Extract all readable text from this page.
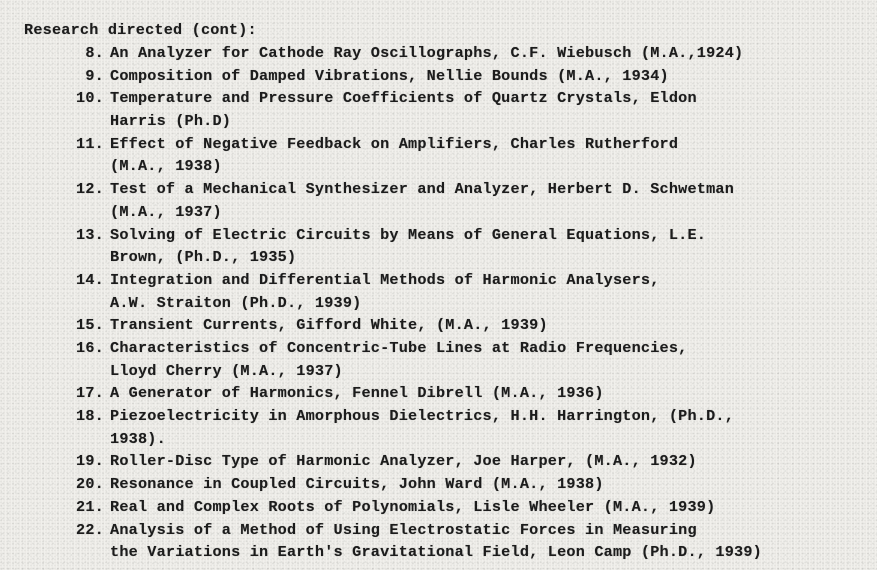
Research directed (cont):
8. An Analyzer for Cathode Ray Oscillographs, C.F. Wiebusch (M.A.,1924)
9. Composition of Damped Vibrations, Nellie Bounds (M.A., 1934)
10. Temperature and Pressure Coefficients of Quartz Crystals, Eldon
Harris (Ph.D)
11. Effect of Negative Feedback on Amplifiers, Charles Rutherford
(M.A., 1938)
12. Test of a Mechanical Synthesizer and Analyzer, Herbert D. Schwetman
(M.A., 1937)
13. Solving of Electric Circuits by Means of General Equations, L.E.
Brown, (Ph.D., 1935)
14. Integration and Differential Methods of Harmonic Analysers,
A.W. Straiton (Ph.D., 1939)
15. Transient Currents, Gifford White, (M.A., 1939)
16. Characteristics of Concentric-Tube Lines at Radio Frequencies,
Lloyd Cherry (M.A., 1937)
17. A Generator of Harmonics, Fennel Dibrell (M.A., 1936)
18. Piezoelectricity in Amorphous Dielectrics, H.H. Harrington, (Ph.D.,
1938).
19. Roller-Disc Type of Harmonic Analyzer, Joe Harper, (M.A., 1932)
20. Resonance in Coupled Circuits, John Ward (M.A., 1938)
21. Real and Complex Roots of Polynomials, Lisle Wheeler (M.A., 1939)
22. Analysis of a Method of Using Electrostatic Forces in Measuring
the Variations in Earth's Gravitational Field, Leon Camp (Ph.D., 1939)
